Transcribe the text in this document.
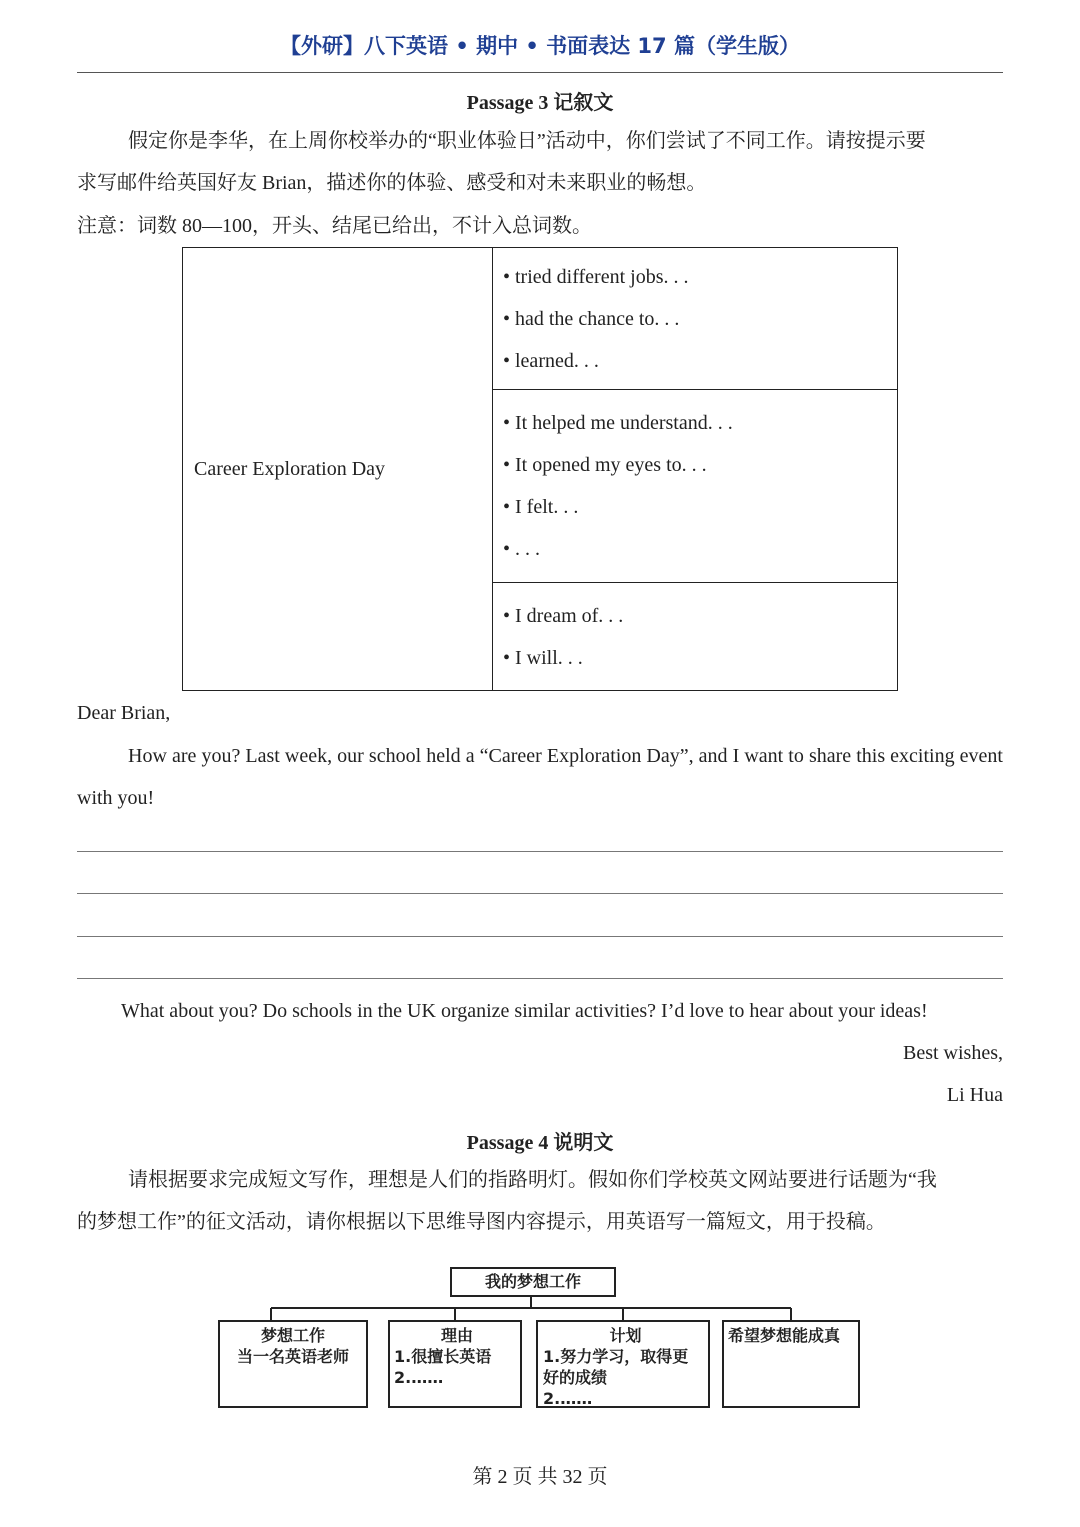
【外研】八下英语 • 期中 • 书面表达 17 篇（学生版）
Passage 3 记叙文
假定你是李华，在上周你校举办的“职业体验日”活动中，你们尝试了不同工作。请按提示要
求写邮件给英国好友 Brian，描述你的体验、感受和对未来职业的畅想。
注意：词数 80—100，开头、结尾已给出，不计入总词数。
Career Exploration Day	
• tried different jobs. . .
• had the chance to. . .
• learned. . .

• It helped me understand. . .
• It opened my eyes to. . .
• I felt. . .
• . . .

• I dream of. . .
• I will. . .
Dear Brian,
How are you? Last week, our school held a “Career Exploration Day”, and I want to share this exciting event with you!
What about you? Do schools in the UK organize similar activities? I’d love to hear about your ideas!
Best wishes,
Li Hua
Passage 4 说明文
请根据要求完成短文写作，理想是人们的指路明灯。假如你们学校英文网站要进行话题为“我
的梦想工作”的征文活动，请你根据以下思维导图内容提示，用英语写一篇短文，用于投稿。
我的梦想工作
梦想工作
当一名英语老师
理由
1.很擅长英语
2.……
计划
1.努力学习，取得更
好的成绩
2.……
希望梦想能成真
第 2 页 共 32 页
